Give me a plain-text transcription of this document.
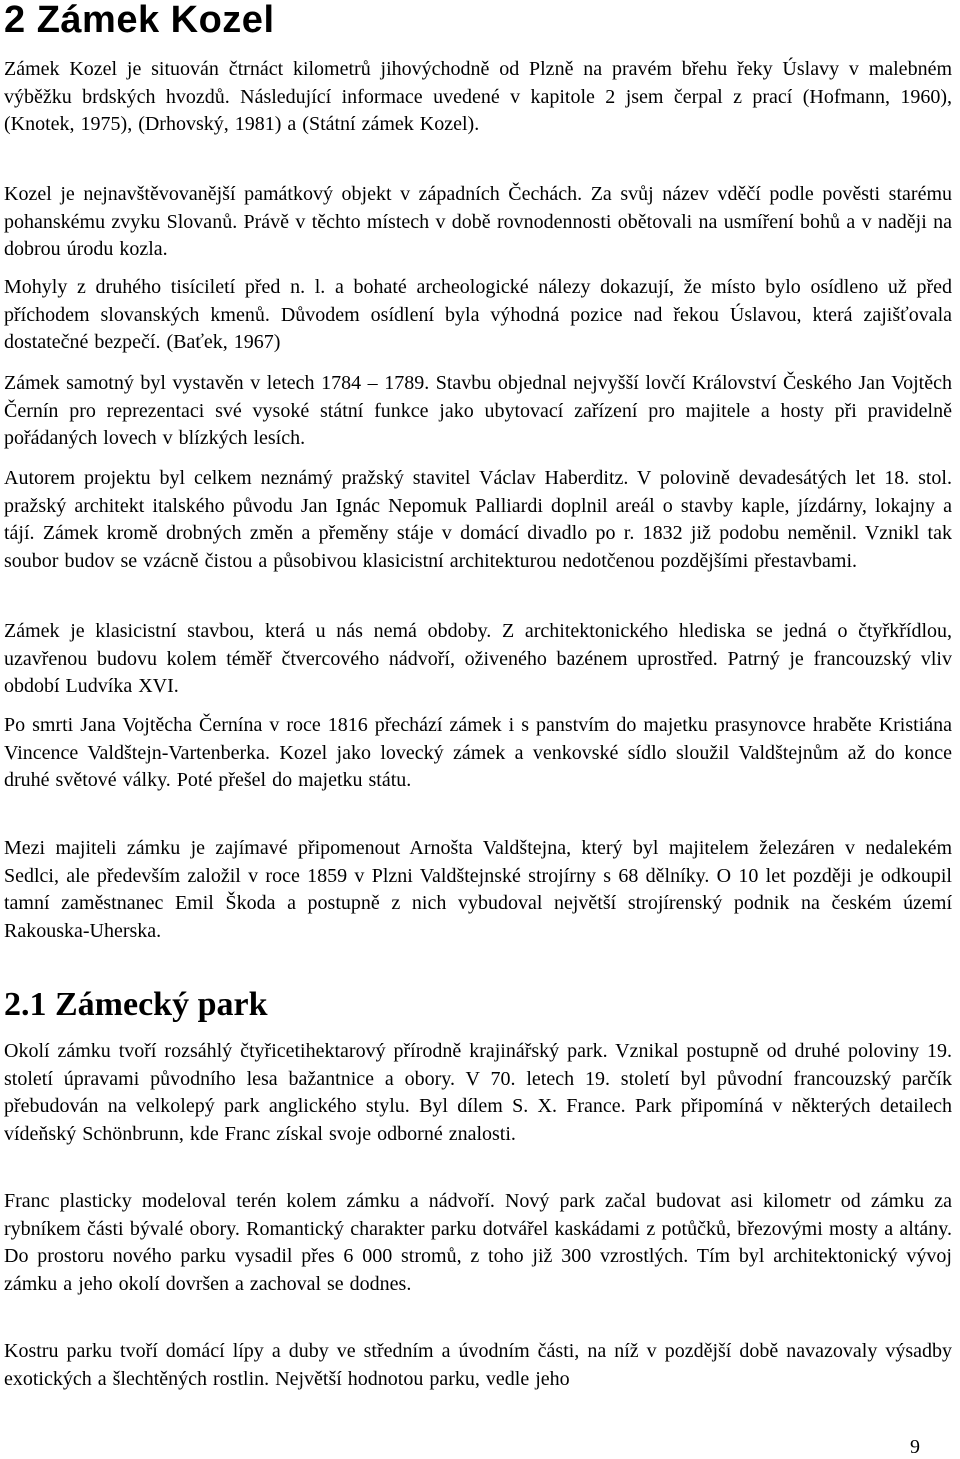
2 Zámek Kozel

Zámek Kozel je situován čtrnáct kilometrů jihovýchodně od Plzně na pravém břehu řeky Úslavy v malebném výběžku brdských hvozdů. Následující informace uvedené v kapitole 2 jsem čerpal z prací (Hofmann, 1960), (Knotek, 1975), (Drhovský, 1981) a (Státní zámek Kozel).

Kozel je nejnavštěvovanější památkový objekt v západních Čechách. Za svůj název vděčí podle pověsti starému pohanskému zvyku Slovanů. Právě v těchto místech v době rovnodennosti obětovali na usmíření bohů a v naději na dobrou úrodu kozla.

Mohyly z druhého tisíciletí před n. l. a bohaté archeologické nálezy dokazují, že místo bylo osídleno už před příchodem slovanských kmenů. Důvodem osídlení byla výhodná pozice nad řekou Úslavou, která zajišťovala dostatečné bezpečí. (Baťek, 1967)

Zámek samotný byl vystavěn v letech 1784 – 1789. Stavbu objednal nejvyšší lovčí Království Českého Jan Vojtěch Černín pro reprezentaci své vysoké státní funkce jako ubytovací zařízení pro majitele a hosty při pravidelně pořádaných lovech v blízkých lesích.

Autorem projektu byl celkem neznámý pražský stavitel Václav Haberditz. V polovině devadesátých let 18. stol. pražský architekt italského původu Jan Ignác Nepomuk Palliardi doplnil areál o stavby kaple, jízdárny, lokajny a tájí. Zámek kromě drobných změn a přeměny stáje v domácí divadlo po r. 1832 již podobu neměnil. Vznikl tak soubor budov se vzácně čistou a působivou klasicistní architekturou nedotčenou pozdějšími přestavbami.

Zámek je klasicistní stavbou, která u nás nemá obdoby. Z architektonického hlediska se jedná o čtyřkřídlou, uzavřenou budovu kolem téměř čtvercového nádvoří, oživeného bazénem uprostřed. Patrný je francouzský vliv období Ludvíka XVI.

Po smrti Jana Vojtěcha Černína v roce 1816 přechází zámek i s panstvím do majetku prasynovce hraběte Kristiána Vincence Valdštejn-Vartenberka. Kozel jako lovecký zámek a venkovské sídlo sloužil Valdštejnům až do konce druhé světové války. Poté přešel do majetku státu.

Mezi majiteli zámku je zajímavé připomenout Arnošta Valdštejna, který byl majitelem železáren v nedalekém Sedlci, ale především založil v roce 1859 v Plzni Valdštejnské strojírny s 68 dělníky. O 10 let později je odkoupil tamní zaměstnanec Emil Škoda a postupně z nich vybudoval největší strojírenský podnik na českém území Rakouska-Uherska.

2.1 Zámecký park

Okolí zámku tvoří rozsáhlý čtyřicetihektarový přírodně krajinářský park. Vznikal postupně od druhé poloviny 19. století úpravami původního lesa bažantnice a obory. V 70. letech 19. století byl původní francouzský parčík přebudován na velkolepý park anglického stylu. Byl dílem S. X. France. Park připomíná v některých detailech vídeňský Schönbrunn, kde Franc získal svoje odborné znalosti.

Franc plasticky modeloval terén kolem zámku a nádvoří. Nový park začal budovat asi kilometr od zámku za rybníkem části bývalé obory. Romantický charakter parku dotvářel kaskádami z potůčků, březovými mosty a altány. Do prostoru nového parku vysadil přes 6 000 stromů, z toho již 300 vzrostlých. Tím byl architektonický vývoj zámku a jeho okolí dovršen a zachoval se dodnes.

Kostru parku tvoří domácí lípy a duby ve středním a úvodním části, na níž v pozdější době navazovaly výsadby exotických a šlechtěných rostlin. Největší hodnotou parku, vedle jeho

9
